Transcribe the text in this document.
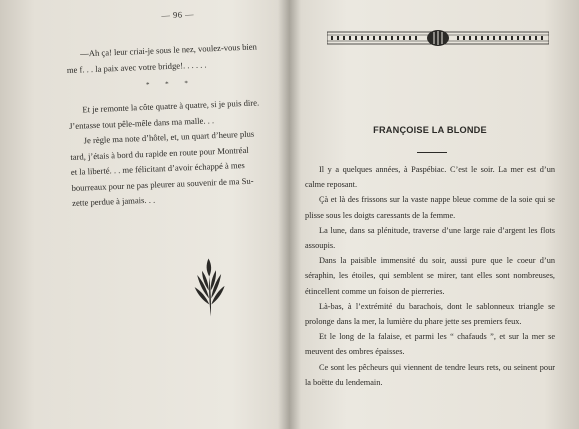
— 96 —

—Ah ça! leur criai-je sous le nez, voulez-vous bien

me f. . . la paix avec votre bridge!. . . . . .

* * *

Et je remonte la côte quatre à quatre, si je puis dire.

J’entasse tout pêle-mêle dans ma malle. . .

Je règle ma note d’hôtel, et, un quart d’heure plus

tard, j’étais à bord du rapide en route pour Montréal

et la liberté. . . me félicitant d’avoir échappé à mes

bourreaux pour ne pas pleurer au souvenir de ma Su-

zette perdue à jamais. . .

FRANÇOISE LA BLONDE

Il y a quelques années, à Paspébiac. C’est le soir. La mer est d’un calme reposant.

Çà et là des frissons sur la vaste nappe bleue comme de la soie qui se plisse sous les doigts caressants de la femme.

La lune, dans sa plénitude, traverse d’une large raie d’argent les flots assoupis.

Dans la paisible immensité du soir, aussi pure que le coeur d’un séraphin, les étoiles, qui semblent se mirer, tant elles sont nombreuses, étincellent comme un foison de pierreries.

Là-bas, à l’extrémité du barachois, dont le sablonneux triangle se prolonge dans la mer, la lumière du phare jette ses premiers feux.

Et le long de la falaise, et parmi les “ chafauds ”, et sur la mer se meuvent des ombres épaisses.

Ce sont les pêcheurs qui viennent de tendre leurs rets, ou seinent pour la boëtte du lendemain.
